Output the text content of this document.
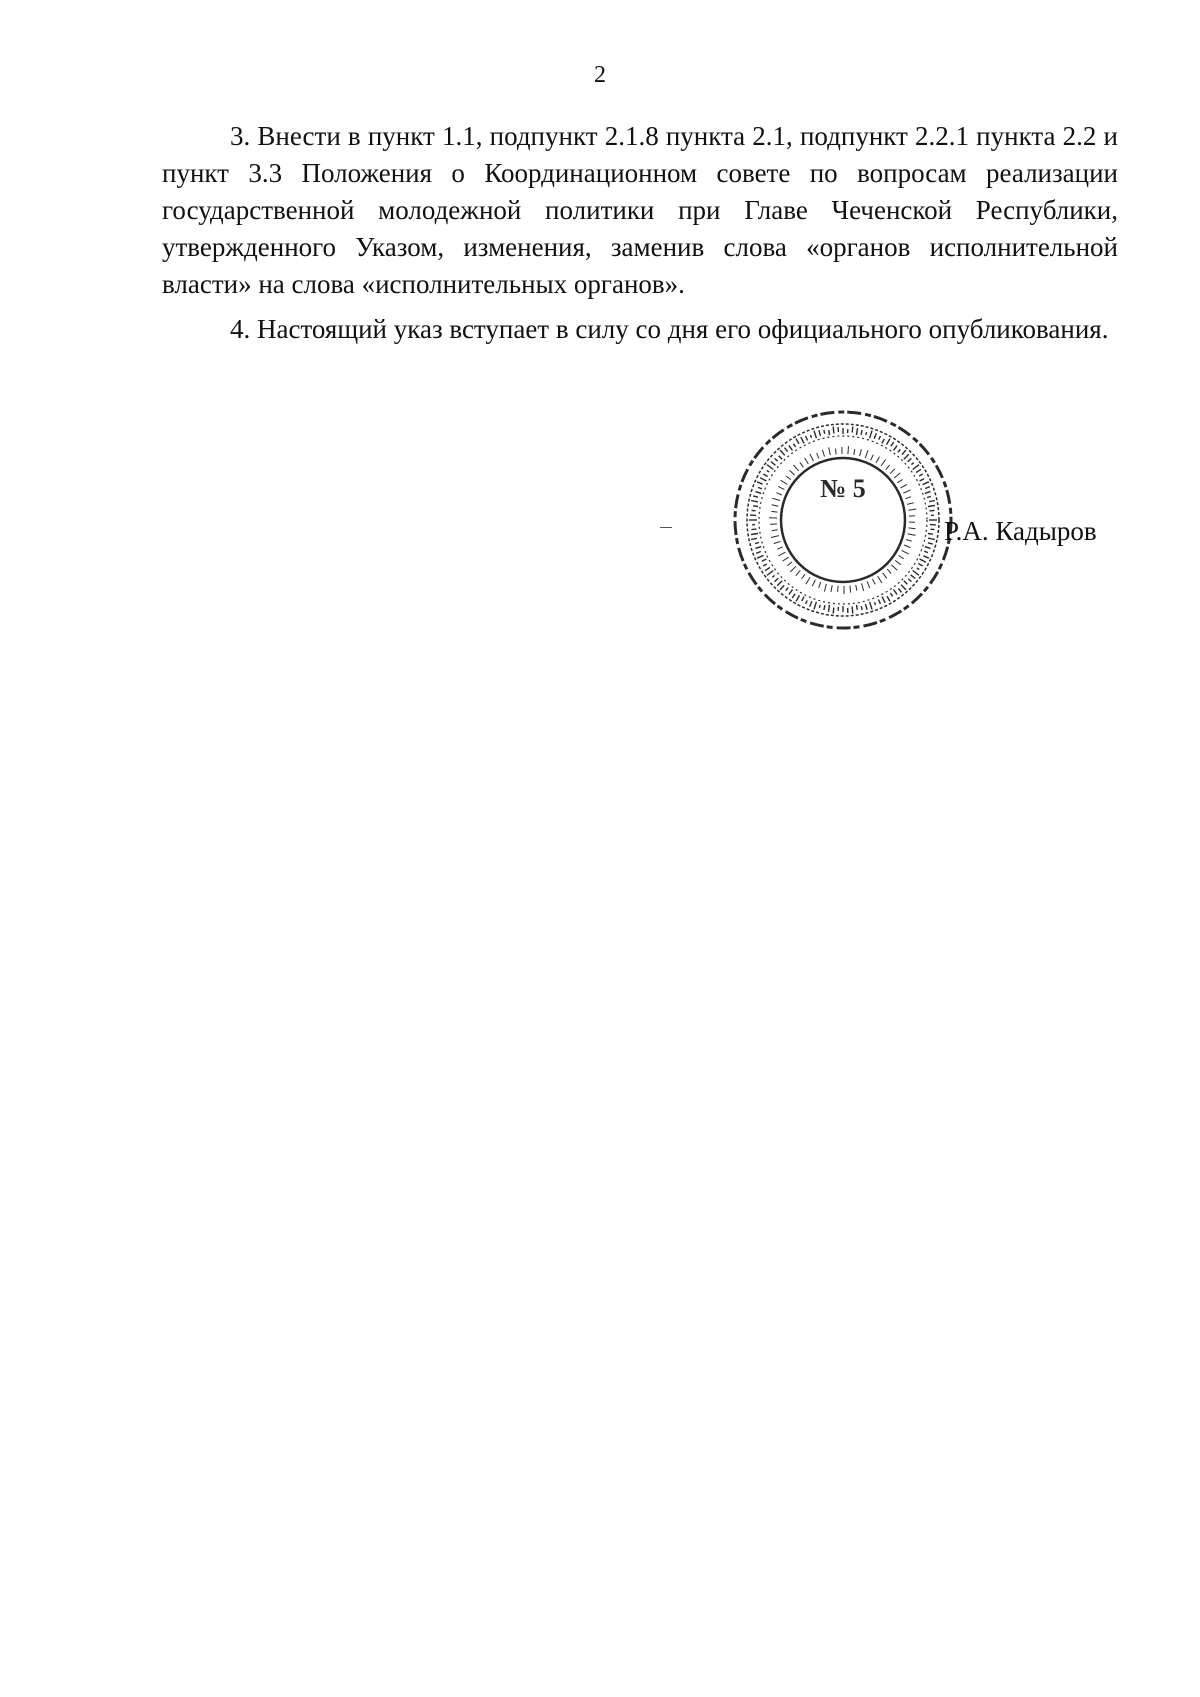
2

3. Внести в пункт 1.1, подпункт 2.1.8 пункта 2.1, подпункт 2.2.1 пункта 2.2 и пункт 3.3 Положения о Координационном совете по вопросам реализации государственной молодежной политики при Главе Чеченской Республики, утвержденного Указом, изменения, заменив слова «органов исполнительной власти» на слова «исполнительных органов».

4. Настоящий указ вступает в силу со дня его официального опубликования.

№ 5
Р.А. Кадыров
